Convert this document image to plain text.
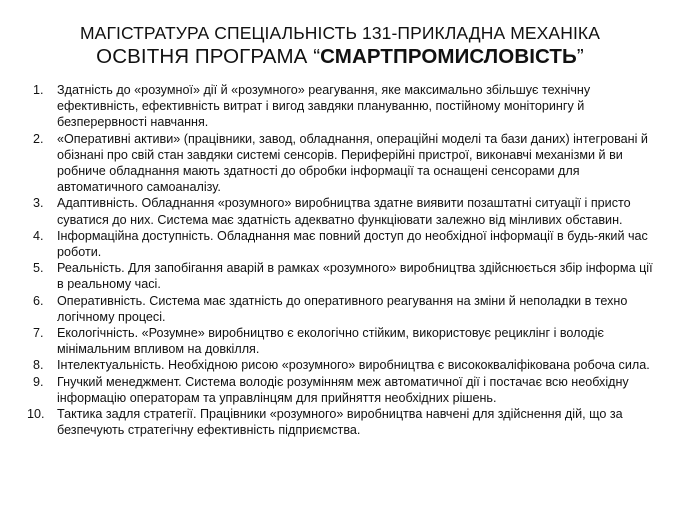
МАГІСТРАТУРА СПЕЦІАЛЬНІСТЬ 131-ПРИКЛАДНА МЕХАНІКА
ОСВІТНЯ ПРОГРАМА “СМАРТПРОМИСЛОВІСТЬ”
1. Здатність до «розумної» дії й «розумного» реагування, яке максимально збільшує технічну ефективність, ефективність витрат і вигод завдяки плануванню, постійному моніторингу й безперервності навчання.
2. «Оперативні активи» (працівники, завод, обладнання, операційні моделі та бази даних) інтегровані й обізнані про свій стан завдяки системі сенсорів. Периферійні пристрої, виконавчі механізми й ви робниче обладнання мають здатності до обробки інформації та оснащені сенсорами для автоматичного самоаналізу.
3. Адаптивність. Обладнання «розумного» виробництва здатне виявити позаштатні ситуації і присто суватися до них. Система має здатність адекватно функціювати залежно від мінливих обставин.
4. Інформаційна доступність. Обладнання має повний доступ до необхідної інформації в будь-який час роботи.
5. Реальність. Для запобігання аварій в рамках «розумного» виробництва здійснюється збір інформа ції в реальному часі.
6. Оперативність. Система має здатність до оперативного реагування на зміни й неполадки в техно логічному процесі.
7. Екологічність. «Розумне» виробництво є екологічно стійким, використовує рециклінг і володіє мінімальним впливом на довкілля.
8. Інтелектуальність. Необхідною рисою «розумного» виробництва є висококваліфікована робоча сила.
9. Гнучкий менеджмент. Система володіє розумінням меж автоматичної дії і постачає всю необхідну інформацію операторам та управлінцям для прийняття необхідних рішень.
10. Тактика задля стратегії. Працівники «розумного» виробництва навчені для здійснення дій, що за безпечують стратегічну ефективність підприємства.
